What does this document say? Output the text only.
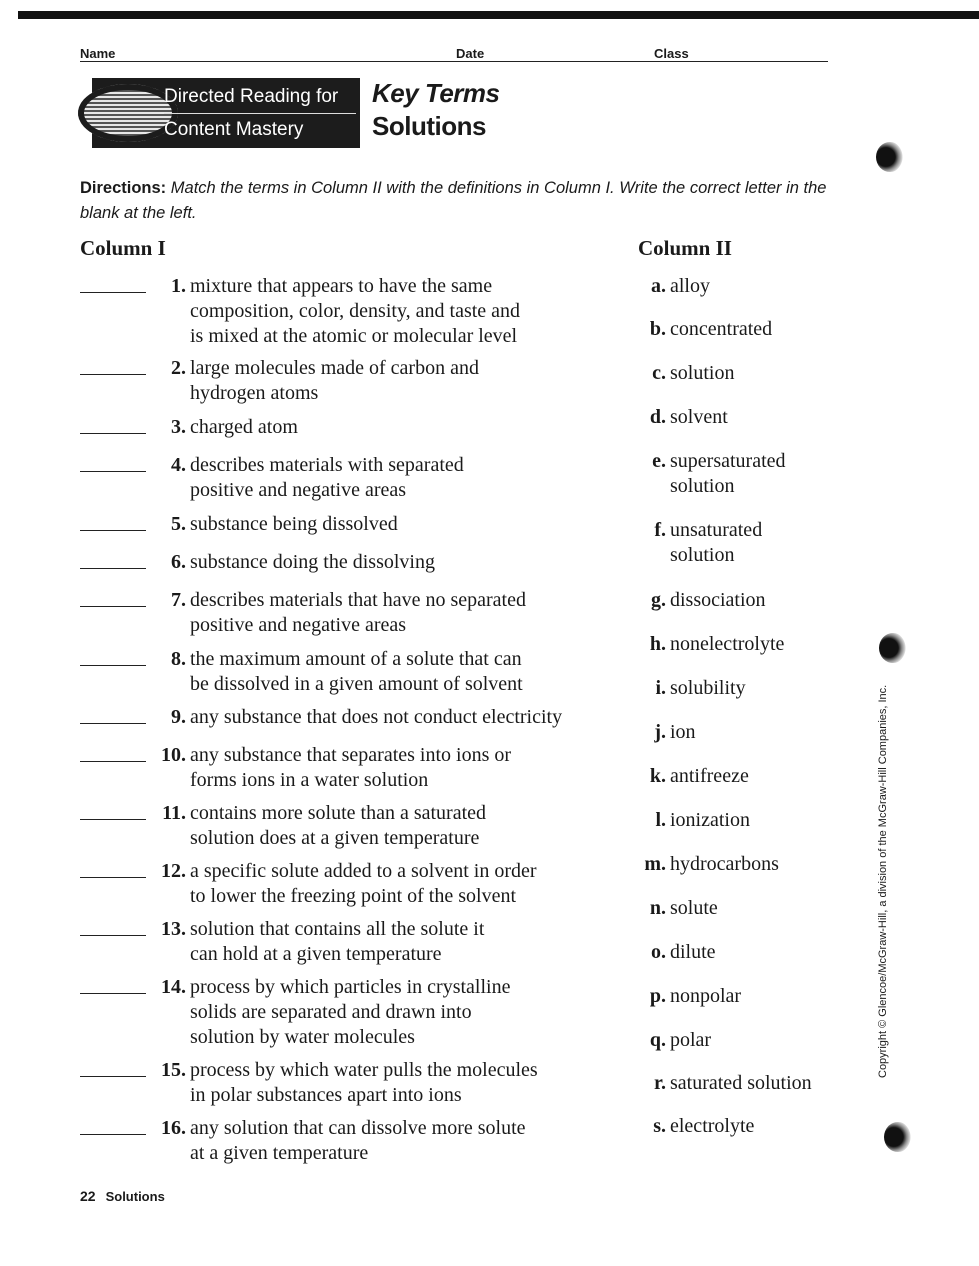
Name	Date	Class
Directed Reading for
Content Mastery
Key Terms
Solutions
Directions: Match the terms in Column II with the definitions in Column I. Write the correct letter in the blank at the left.
Column I	Column II
1. mixture that appears to have the same
composition, color, density, and taste and
is mixed at the atomic or molecular level
2. large molecules made of carbon and
hydrogen atoms
3. charged atom
4. describes materials with separated
positive and negative areas
5. substance being dissolved
6. substance doing the dissolving
7. describes materials that have no separated
positive and negative areas
8. the maximum amount of a solute that can
be dissolved in a given amount of solvent
9. any substance that does not conduct electricity
10. any substance that separates into ions or
forms ions in a water solution
11. contains more solute than a saturated
solution does at a given temperature
12. a specific solute added to a solvent in order
to lower the freezing point of the solvent
13. solution that contains all the solute it
can hold at a given temperature
14. process by which particles in crystalline
solids are separated and drawn into
solution by water molecules
15. process by which water pulls the molecules
in polar substances apart into ions
16. any solution that can dissolve more solute
at a given temperature
a. alloy
b. concentrated
c. solution
d. solvent
e. supersaturated
solution
f. unsaturated
solution
g. dissociation
h. nonelectrolyte
i. solubility
j. ion
k. antifreeze
l. ionization
m. hydrocarbons
n. solute
o. dilute
p. nonpolar
q. polar
r. saturated solution
s. electrolyte
Copyright © Glencoe/McGraw-Hill, a division of the McGraw-Hill Companies, Inc.
22 Solutions
